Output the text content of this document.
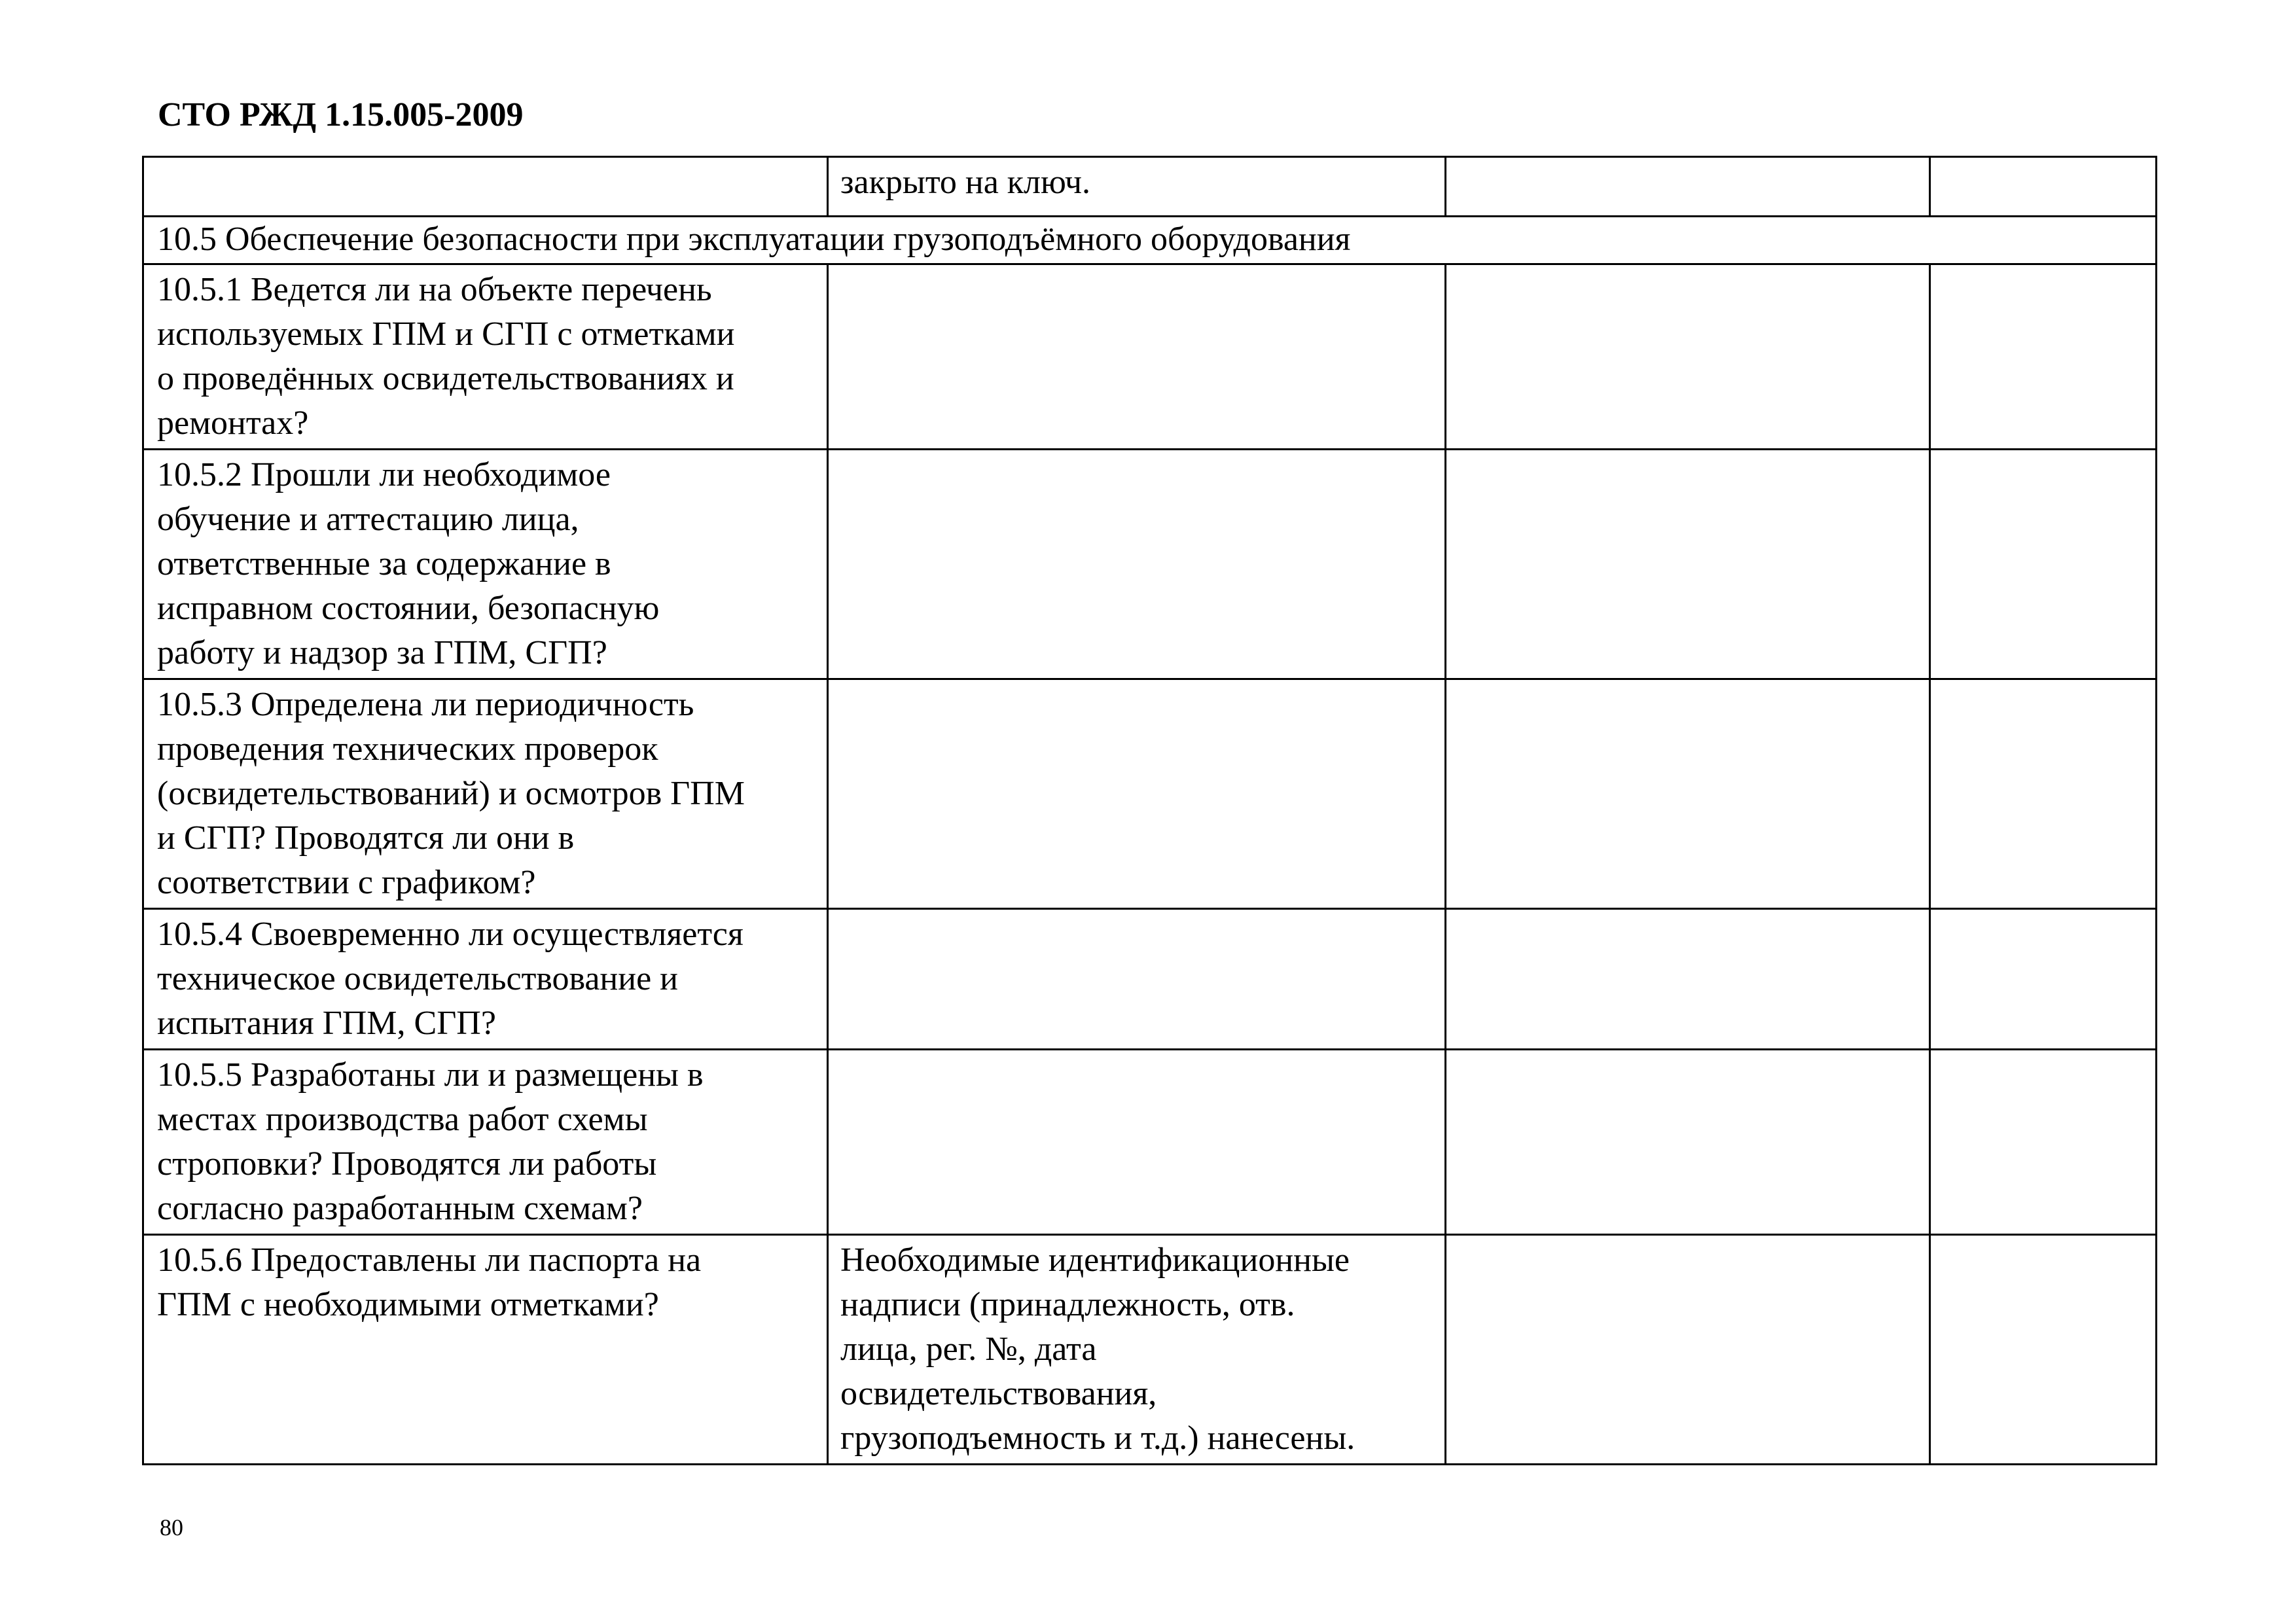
СТО РЖД 1.15.005-2009
	закрыто на ключ.		
10.5 Обеспечение безопасности при эксплуатации грузоподъёмного оборудования			
10.5.1 Ведется ли на объекте перечень
используемых ГПМ и СГП с отметками
о проведённых освидетельствованиях и
ремонтах?			
10.5.2 Прошли ли необходимое
обучение и аттестацию лица,
ответственные за содержание в
исправном состоянии, безопасную
работу и надзор за ГПМ, СГП?			
10.5.3 Определена ли периодичность
проведения технических проверок
(освидетельствований) и осмотров ГПМ
и СГП? Проводятся ли они в
соответствии с графиком?			
10.5.4 Своевременно ли осуществляется
техническое освидетельствование и
испытания ГПМ, СГП?			
10.5.5 Разработаны ли и размещены в
местах производства работ схемы
строповки? Проводятся ли работы
согласно разработанным схемам?			
10.5.6 Предоставлены ли паспорта на
ГПМ с необходимыми отметками?	Необходимые идентификационные
надписи (принадлежность, отв.
лица, рег. №, дата
освидетельствования,
грузоподъемность и т.д.) нанесены.		
80
